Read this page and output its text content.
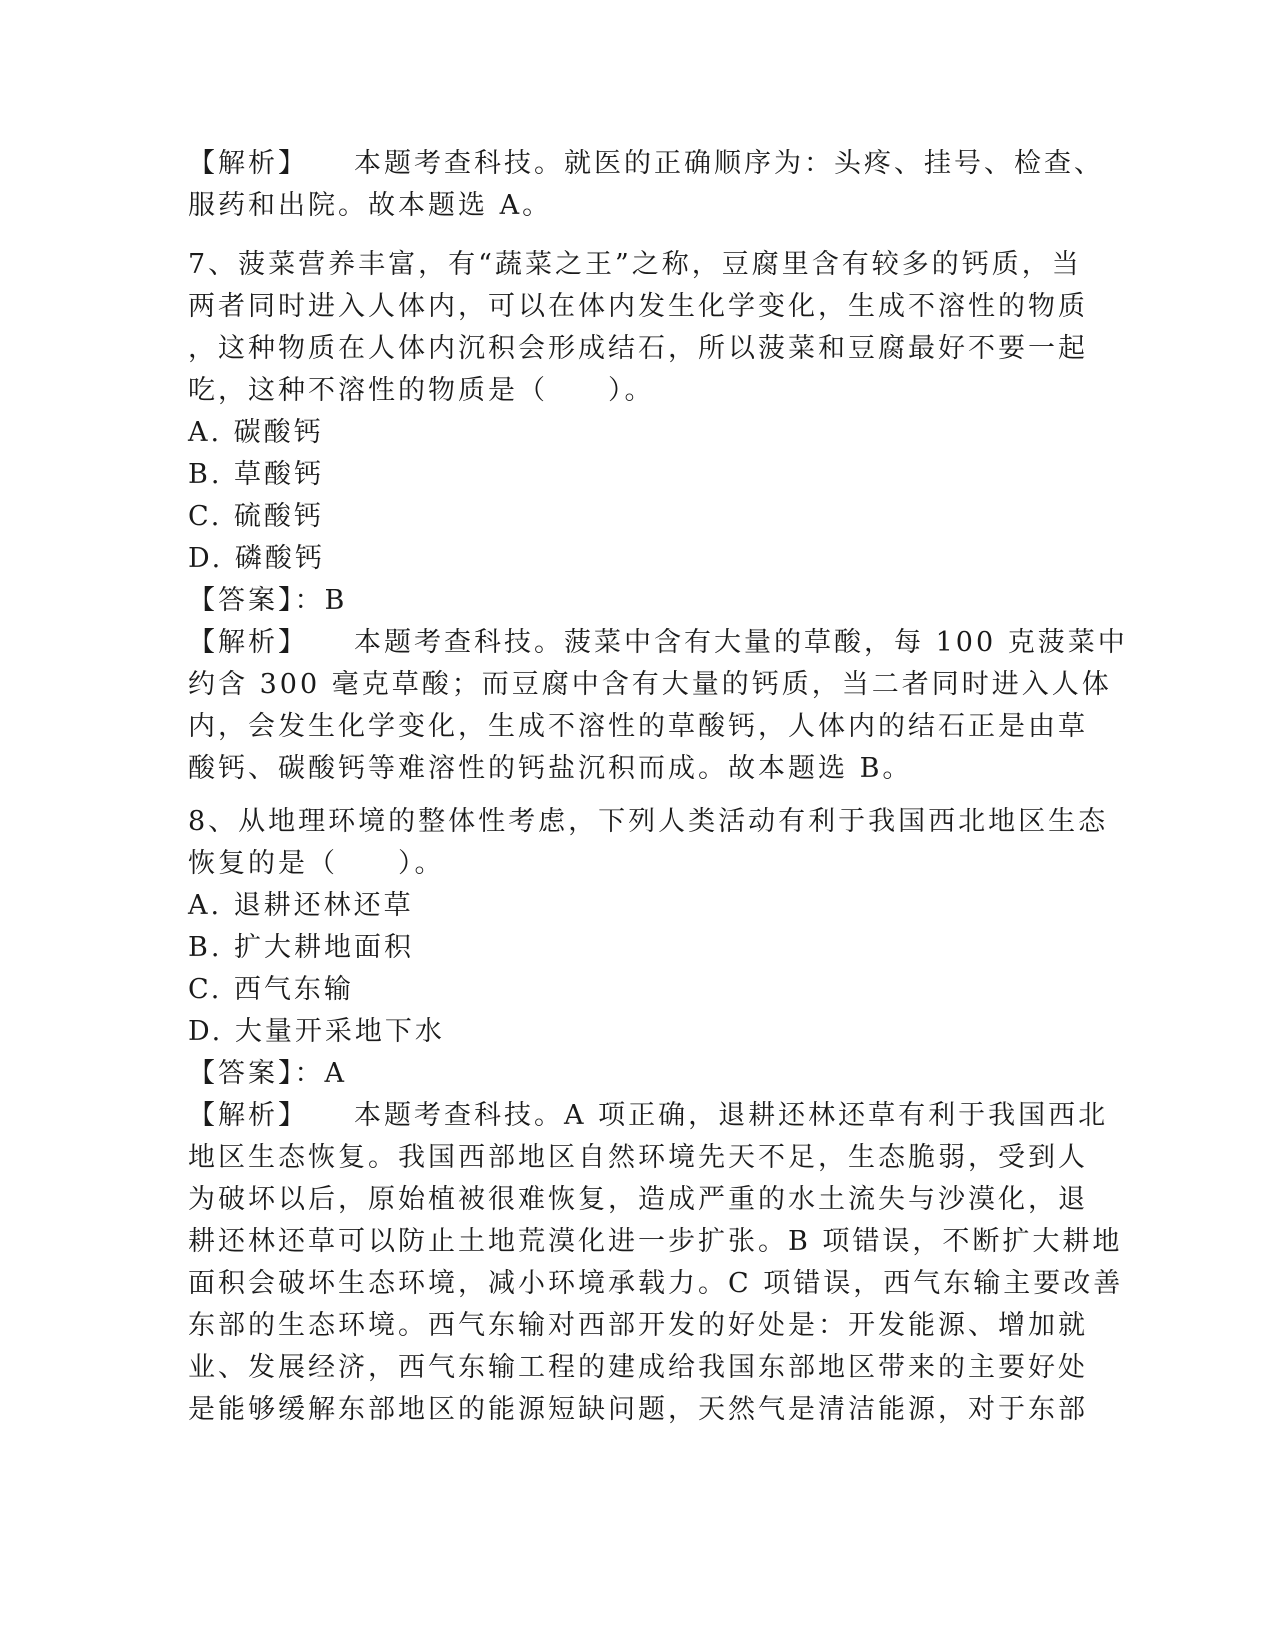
【解析】 本题考查科技。就医的正确顺序为：头疼、挂号、检查、
服药和出院。故本题选 A。
7、菠菜营养丰富，有“蔬菜之王”之称，豆腐里含有较多的钙质，当
两者同时进入人体内，可以在体内发生化学变化，生成不溶性的物质
，这种物质在人体内沉积会形成结石，所以菠菜和豆腐最好不要一起
吃，这种不溶性的物质是（　　）。
A. 碳酸钙
B. 草酸钙
C. 硫酸钙
D. 磷酸钙
【答案】：B
【解析】 本题考查科技。菠菜中含有大量的草酸，每 100 克菠菜中
约含 300 毫克草酸；而豆腐中含有大量的钙质，当二者同时进入人体
内，会发生化学变化，生成不溶性的草酸钙，人体内的结石正是由草
酸钙、碳酸钙等难溶性的钙盐沉积而成。故本题选 B。
8、从地理环境的整体性考虑，下列人类活动有利于我国西北地区生态
恢复的是（　　）。
A. 退耕还林还草
B. 扩大耕地面积
C. 西气东输
D. 大量开采地下水
【答案】：A
【解析】 本题考查科技。A 项正确，退耕还林还草有利于我国西北
地区生态恢复。我国西部地区自然环境先天不足，生态脆弱，受到人
为破坏以后，原始植被很难恢复，造成严重的水土流失与沙漠化，退
耕还林还草可以防止土地荒漠化进一步扩张。B 项错误，不断扩大耕地
面积会破坏生态环境，减小环境承载力。C 项错误，西气东输主要改善
东部的生态环境。西气东输对西部开发的好处是：开发能源、增加就
业、发展经济，西气东输工程的建成给我国东部地区带来的主要好处
是能够缓解东部地区的能源短缺问题，天然气是清洁能源，对于东部
